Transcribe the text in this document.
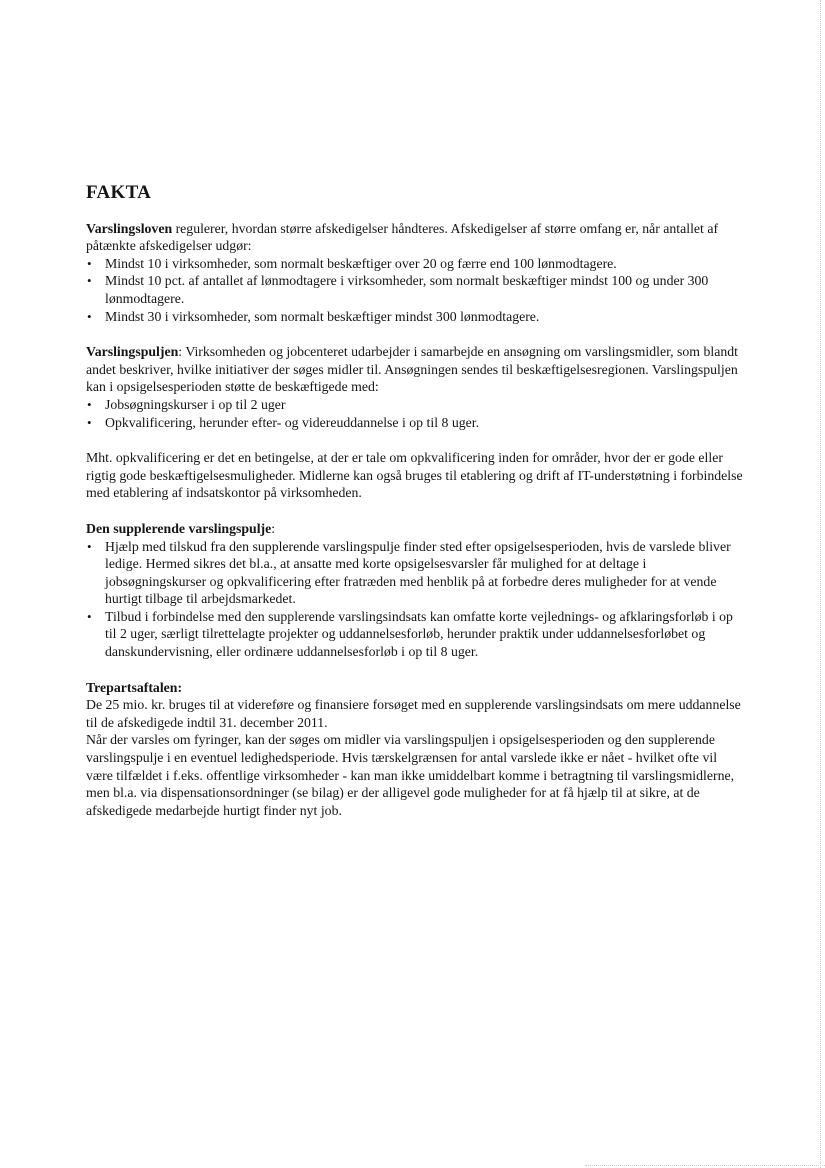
FAKTA

Varslingsloven regulerer, hvordan større afskedigelser håndteres. Afskedigelser af større omfang er, når antallet af påtænkte afskedigelser udgør:

• Mindst 10 i virksomheder, som normalt beskæftiger over 20 og færre end 100 lønmodtagere.
• Mindst 10 pct. af antallet af lønmodtagere i virksomheder, som normalt beskæftiger mindst 100 og under 300 lønmodtagere.
• Mindst 30 i virksomheder, som normalt beskæftiger mindst 300 lønmodtagere.

Varslingspuljen: Virksomheden og jobcenteret udarbejder i samarbejde en ansøgning om varslingsmidler, som blandt andet beskriver, hvilke initiativer der søges midler til. Ansøgningen sendes til beskæftigelsesregionen. Varslingspuljen kan i opsigelsesperioden støtte de beskæftigede med:

• Jobsøgningskurser i op til 2 uger
• Opkvalificering, herunder efter- og videreuddannelse i op til 8 uger.

Mht. opkvalificering er det en betingelse, at der er tale om opkvalificering inden for områder, hvor der er gode eller rigtig gode beskæftigelsesmuligheder. Midlerne kan også bruges til etablering og drift af IT-understøtning i forbindelse med etablering af indsatskontor på virksomheden.

Den supplerende varslingspulje:

• Hjælp med tilskud fra den supplerende varslingspulje finder sted efter opsigelsesperioden, hvis de varslede bliver ledige. Hermed sikres det bl.a., at ansatte med korte opsigelsesvarsler får mulighed for at deltage i jobsøgningskurser og opkvalificering efter fratræden med henblik på at forbedre deres muligheder for at vende hurtigt tilbage til arbejdsmarkedet.
• Tilbud i forbindelse med den supplerende varslingsindsats kan omfatte korte vejlednings- og afklaringsforløb i op til 2 uger, særligt tilrettelagte projekter og uddannelsesforløb, herunder praktik under uddannelsesforløbet og danskundervisning, eller ordinære uddannelsesforløb i op til 8 uger.

Trepartsaftalen:

De 25 mio. kr. bruges til at videreføre og finansiere forsøget med en supplerende varslingsindsats om mere uddannelse til de afskedigede indtil 31. december 2011.

Når der varsles om fyringer, kan der søges om midler via varslingspuljen i opsigelsesperioden og den supplerende varslingspulje i en eventuel ledighedsperiode. Hvis tærskelgrænsen for antal varslede ikke er nået - hvilket ofte vil være tilfældet i f.eks. offentlige virksomheder - kan man ikke umiddelbart komme i betragtning til varslingsmidlerne, men bl.a. via dispensationsordninger (se bilag) er der alligevel gode muligheder for at få hjælp til at sikre, at de afskedigede medarbejde hurtigt finder nyt job.
